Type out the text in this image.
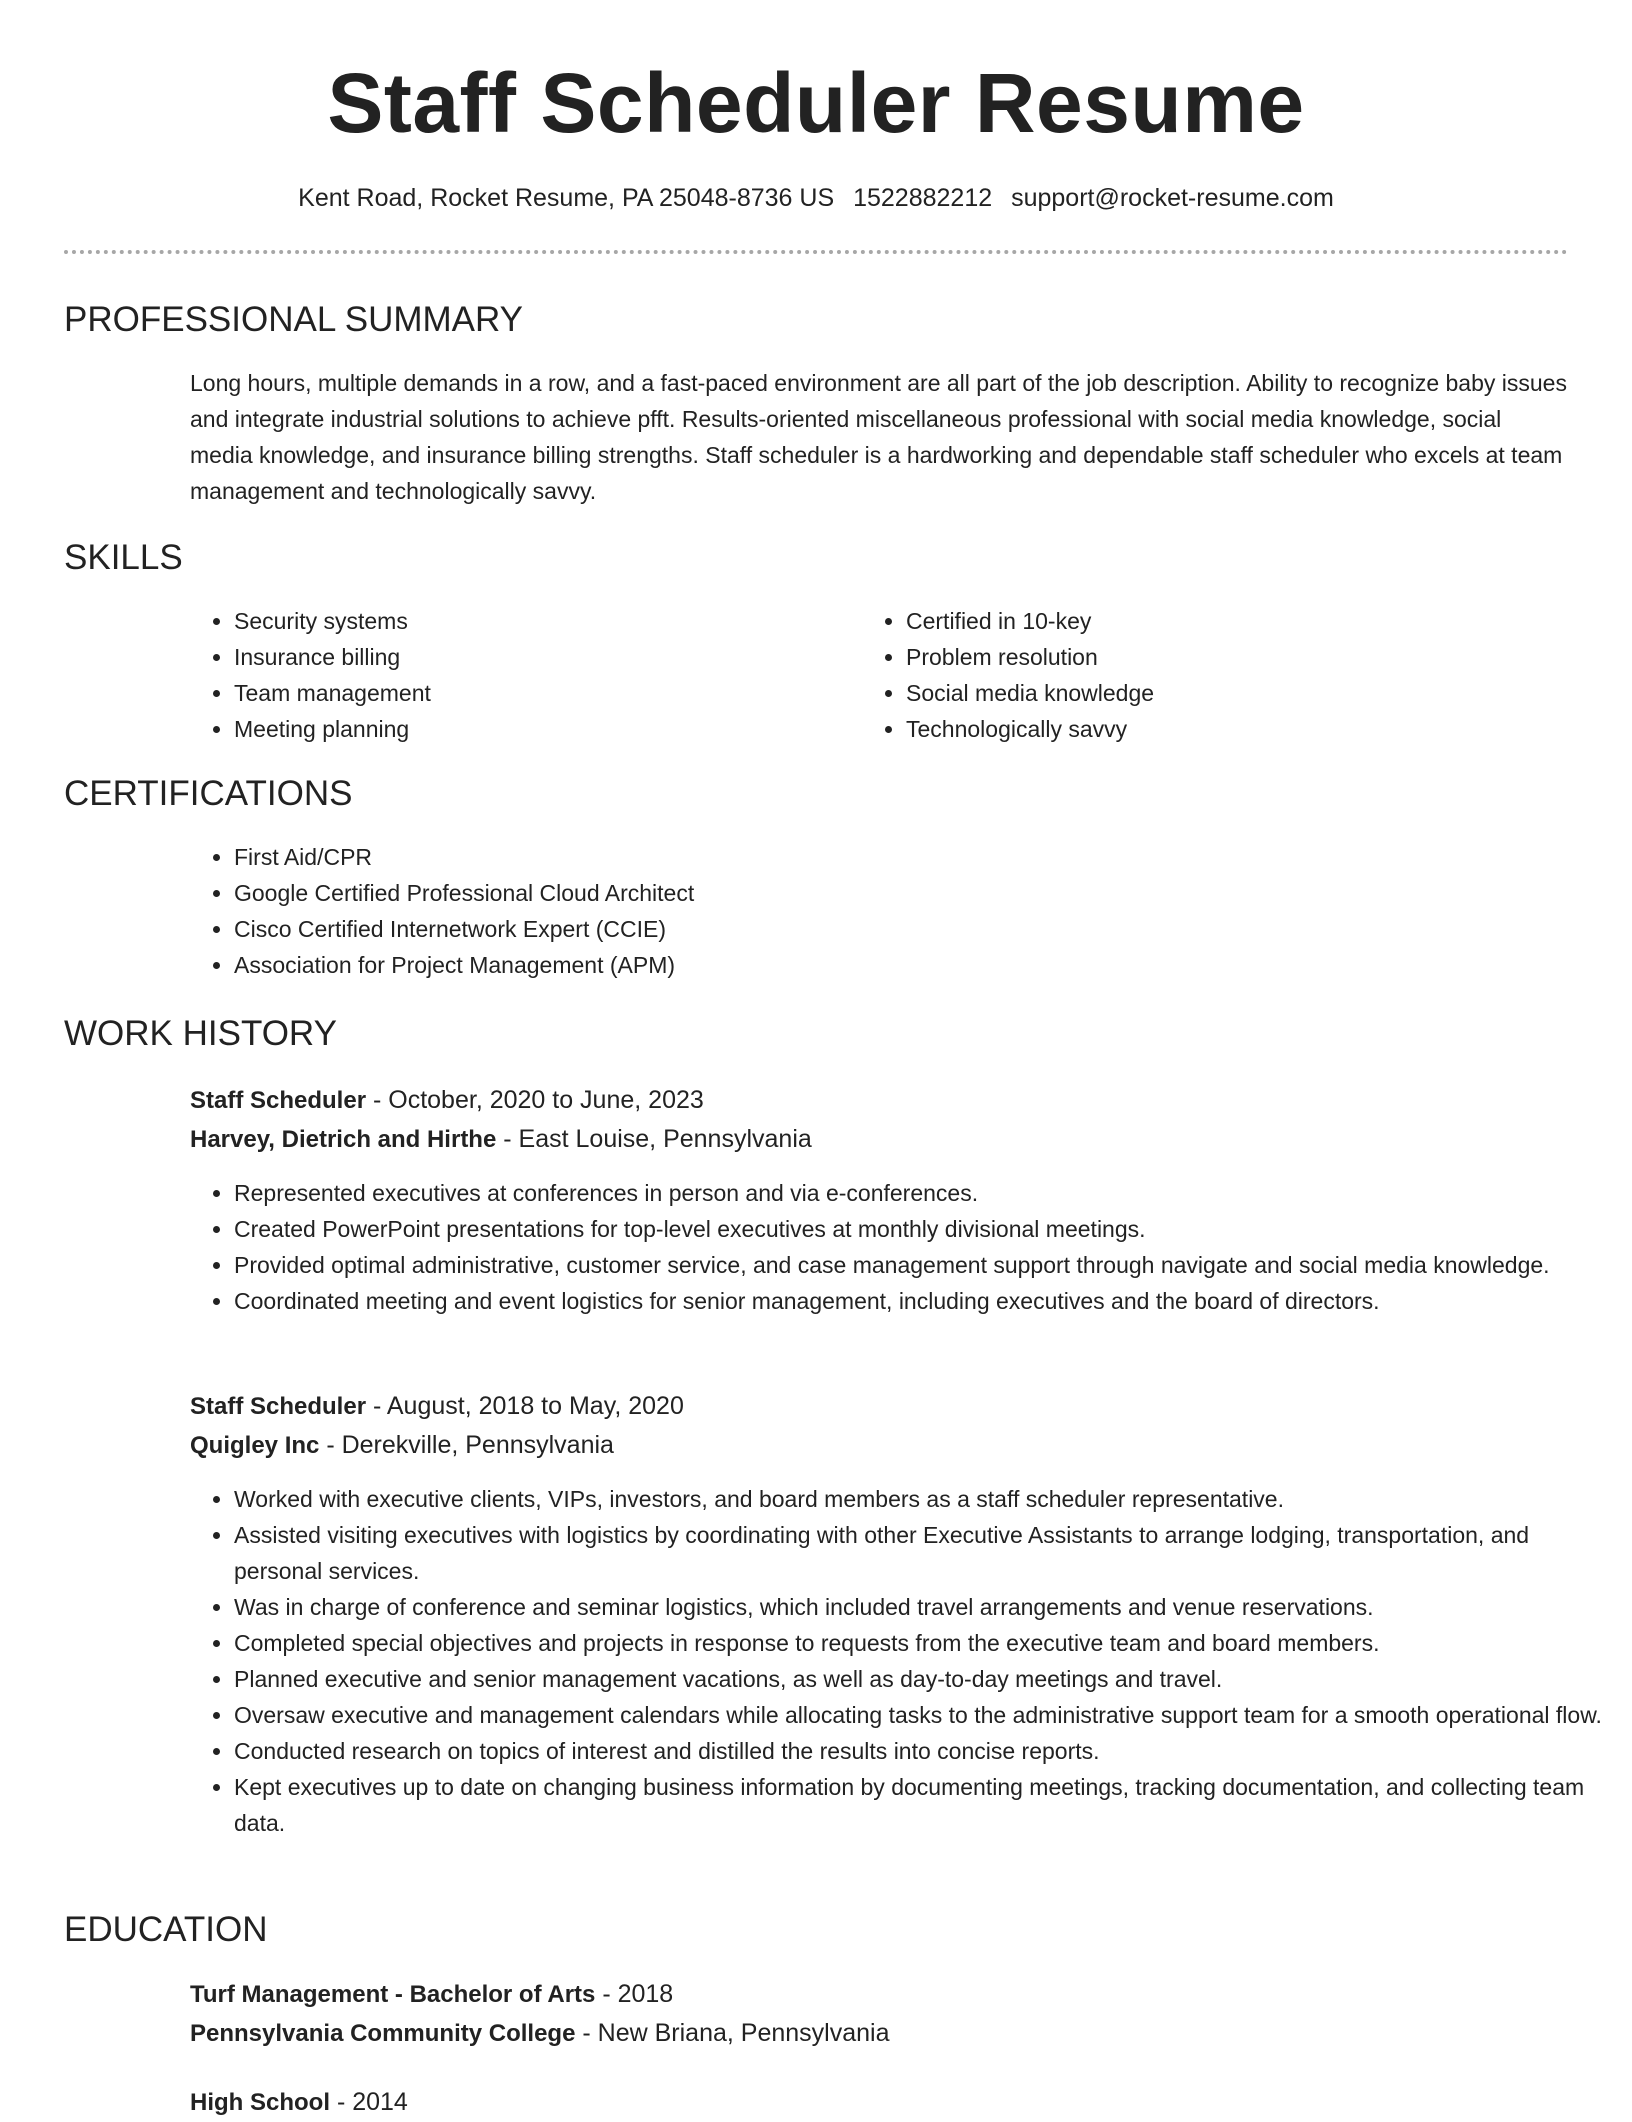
Staff Scheduler Resume
Kent Road, Rocket Resume, PA 25048-8736 US 1522882212 support@rocket-resume.com
PROFESSIONAL SUMMARY

Long hours, multiple demands in a row, and a fast-paced environment are all part of the job description. Ability to recognize baby issues and integrate industrial solutions to achieve pfft. Results-oriented miscellaneous professional with social media knowledge, social media knowledge, and insurance billing strengths. Staff scheduler is a hardworking and dependable staff scheduler who excels at team management and technologically savvy.

SKILLS
• Security systems
• Insurance billing
• Team management
• Meeting planning
• Certified in 10-key
• Problem resolution
• Social media knowledge
• Technologically savvy
CERTIFICATIONS
• First Aid/CPR
• Google Certified Professional Cloud Architect
• Cisco Certified Internetwork Expert (CCIE)
• Association for Project Management (APM)
WORK HISTORY
Staff Scheduler - October, 2020 to June, 2023
Harvey, Dietrich and Hirthe - East Louise, Pennsylvania
• Represented executives at conferences in person and via e-conferences.
• Created PowerPoint presentations for top-level executives at monthly divisional meetings.
• Provided optimal administrative, customer service, and case management support through navigate and social media knowledge.
• Coordinated meeting and event logistics for senior management, including executives and the board of directors.
Staff Scheduler - August, 2018 to May, 2020
Quigley Inc - Derekville, Pennsylvania
• Worked with executive clients, VIPs, investors, and board members as a staff scheduler representative.
• Assisted visiting executives with logistics by coordinating with other Executive Assistants to arrange lodging, transportation, and personal services.
• Was in charge of conference and seminar logistics, which included travel arrangements and venue reservations.
• Completed special objectives and projects in response to requests from the executive team and board members.
• Planned executive and senior management vacations, as well as day-to-day meetings and travel.
• Oversaw executive and management calendars while allocating tasks to the administrative support team for a smooth operational flow.
• Conducted research on topics of interest and distilled the results into concise reports.
• Kept executives up to date on changing business information by documenting meetings, tracking documentation, and collecting team data.
EDUCATION
Turf Management - Bachelor of Arts - 2018
Pennsylvania Community College - New Briana, Pennsylvania
High School - 2014
